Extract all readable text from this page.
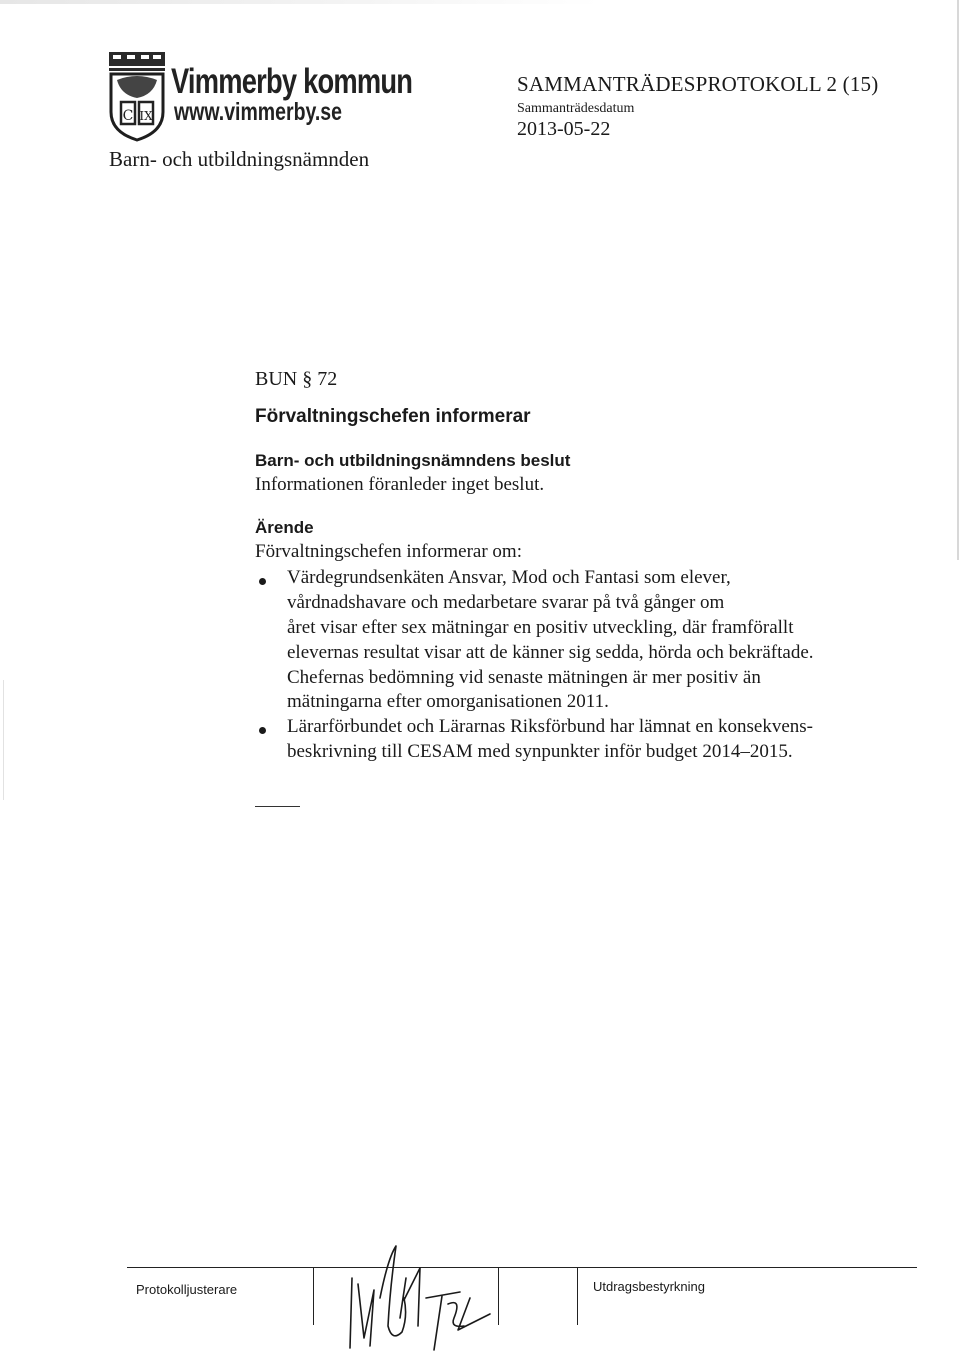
C IX
Vimmerby kommun
www.vimmerby.se
Barn- och utbildningsnämnden
SAMMANTRÄDESPROTOKOLL 2 (15)
Sammanträdesdatum
2013-05-22
BUN § 72
Förvaltningschefen informerar
Barn- och utbildningsnämndens beslut
Informationen föranleder inget beslut.
Ärende
Förvaltningschefen informerar om:
Värdegrundsenkäten Ansvar, Mod och Fantasi som elever,
vårdnadshavare och medarbetare svarar på två gånger om
året visar efter sex mätningar en positiv utveckling, där framförallt
elevernas resultat visar att de känner sig sedda, hörda och bekräftade.
Chefernas bedömning vid senaste mätningen är mer positiv än
mätningarna efter omorganisationen 2011.
Lärarförbundet och Lärarnas Riksförbund har lämnat en konsekvens-
beskrivning till CESAM med synpunkter inför budget 2014–2015.
Protokolljusterare	Utdragsbestyrkning
